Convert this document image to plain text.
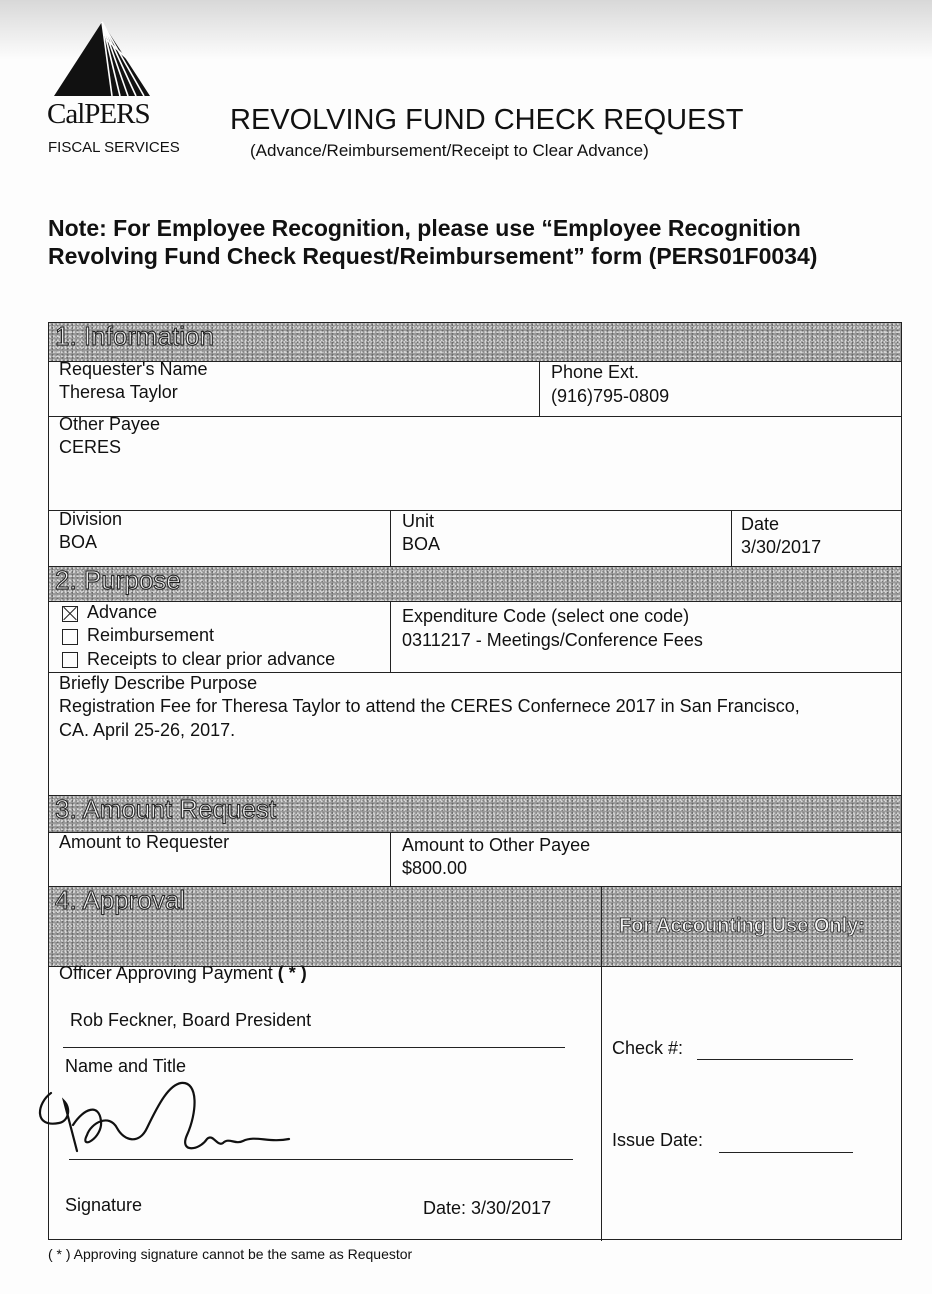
CalPERS
FISCAL SERVICES
REVOLVING FUND CHECK REQUEST
(Advance/Reimbursement/Receipt to Clear Advance)
Note: For Employee Recognition, please use “Employee Recognition
Revolving Fund Check Request/Reimbursement” form (PERS01F0034)
1. Information
Requester's Name
Theresa Taylor
Phone Ext.
(916)795-0809
Other Payee
CERES
Division
BOA
Unit
BOA
Date
3/30/2017
2. Purpose
Advance
Reimbursement
Receipts to clear prior advance
Expenditure Code (select one code)
0311217 - Meetings/Conference Fees
Briefly Describe Purpose
Registration Fee for Theresa Taylor to attend the CERES Confernece 2017 in San Francisco,
CA. April 25-26, 2017.
3. Amount Request
Amount to Requester	Amount to Other Payee
$800.00
4. Approval
For Accounting Use Only:
Officer Approving Payment ( * )
Rob Feckner, Board President
Name and Title
Signature	Date: 3/30/2017
Check #:
Issue Date:
( * ) Approving signature cannot be the same as Requestor
